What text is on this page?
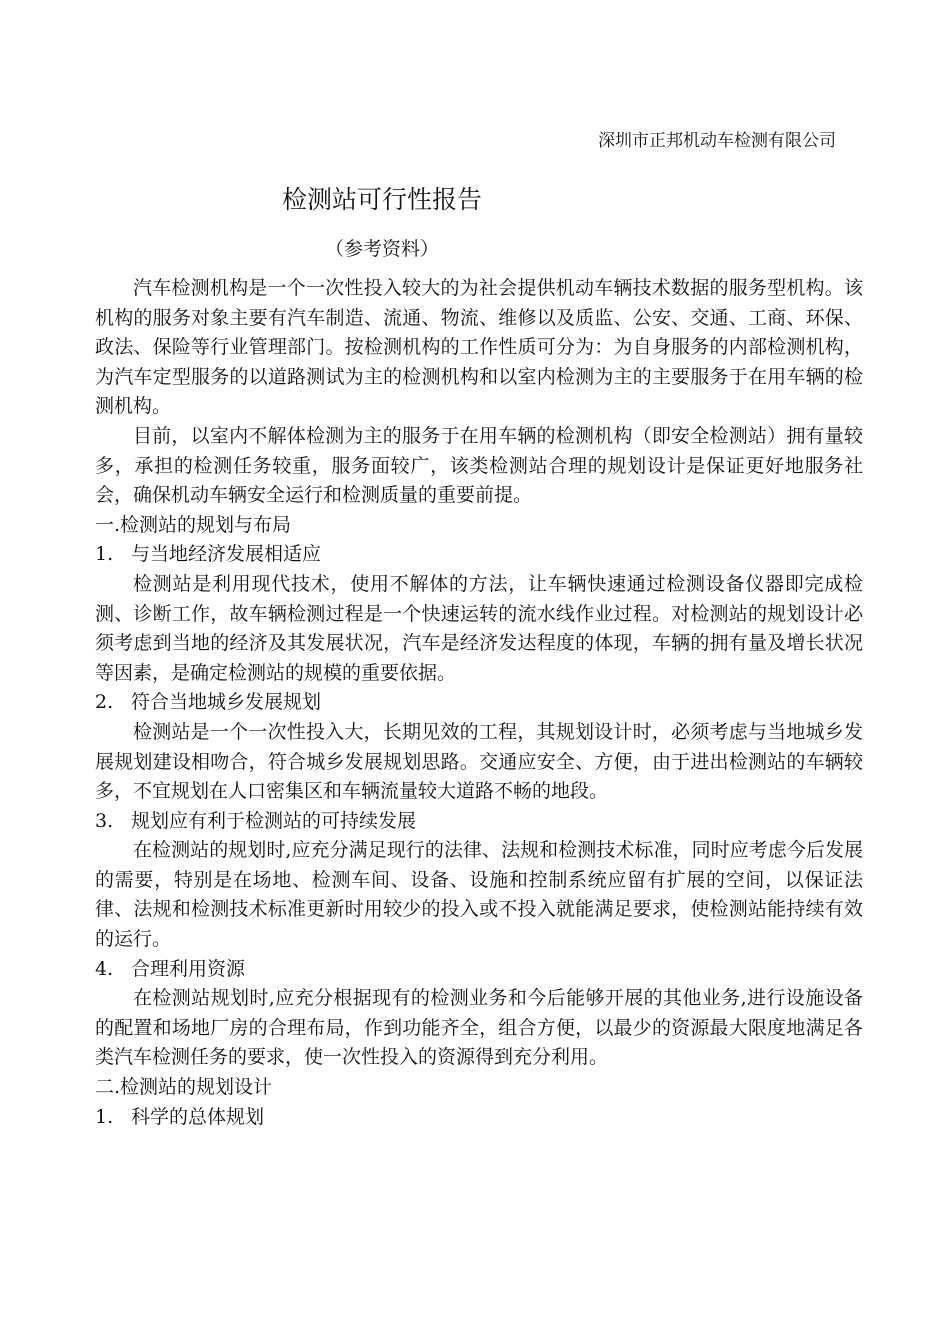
深圳市正邦机动车检测有限公司
检测站可行性报告
（参考资料）

汽车检测机构是一个一次性投入较大的为社会提供机动车辆技术数据的服务型机构。该机构的服务对象主要有汽车制造、流通、物流、维修以及质监、公安、交通、工商、环保、政法、保险等行业管理部门。按检测机构的工作性质可分为：为自身服务的内部检测机构，为汽车定型服务的以道路测试为主的检测机构和以室内检测为主的主要服务于在用车辆的检测机构。

目前，以室内不解体检测为主的服务于在用车辆的检测机构（即安全检测站）拥有量较多，承担的检测任务较重，服务面较广，该类检测站合理的规划设计是保证更好地服务社会，确保机动车辆安全运行和检测质量的重要前提。

一.检测站的规划与布局

1. 与当地经济发展相适应

检测站是利用现代技术，使用不解体的方法，让车辆快速通过检测设备仪器即完成检测、诊断工作，故车辆检测过程是一个快速运转的流水线作业过程。对检测站的规划设计必须考虑到当地的经济及其发展状况，汽车是经济发达程度的体现，车辆的拥有量及增长状况等因素，是确定检测站的规模的重要依据。

2. 符合当地城乡发展规划

检测站是一个一次性投入大，长期见效的工程，其规划设计时，必须考虑与当地城乡发展规划建设相吻合，符合城乡发展规划思路。交通应安全、方便，由于进出检测站的车辆较多，不宜规划在人口密集区和车辆流量较大道路不畅的地段。

3. 规划应有利于检测站的可持续发展

在检测站的规划时,应充分满足现行的法律、法规和检测技术标准，同时应考虑今后发展的需要，特别是在场地、检测车间、设备、设施和控制系统应留有扩展的空间，以保证法律、法规和检测技术标准更新时用较少的投入或不投入就能满足要求，使检测站能持续有效的运行。

4. 合理利用资源

在检测站规划时,应充分根据现有的检测业务和今后能够开展的其他业务,进行设施设备的配置和场地厂房的合理布局，作到功能齐全，组合方便，以最少的资源最大限度地满足各类汽车检测任务的要求，使一次性投入的资源得到充分利用。

二.检测站的规划设计

1. 科学的总体规划
